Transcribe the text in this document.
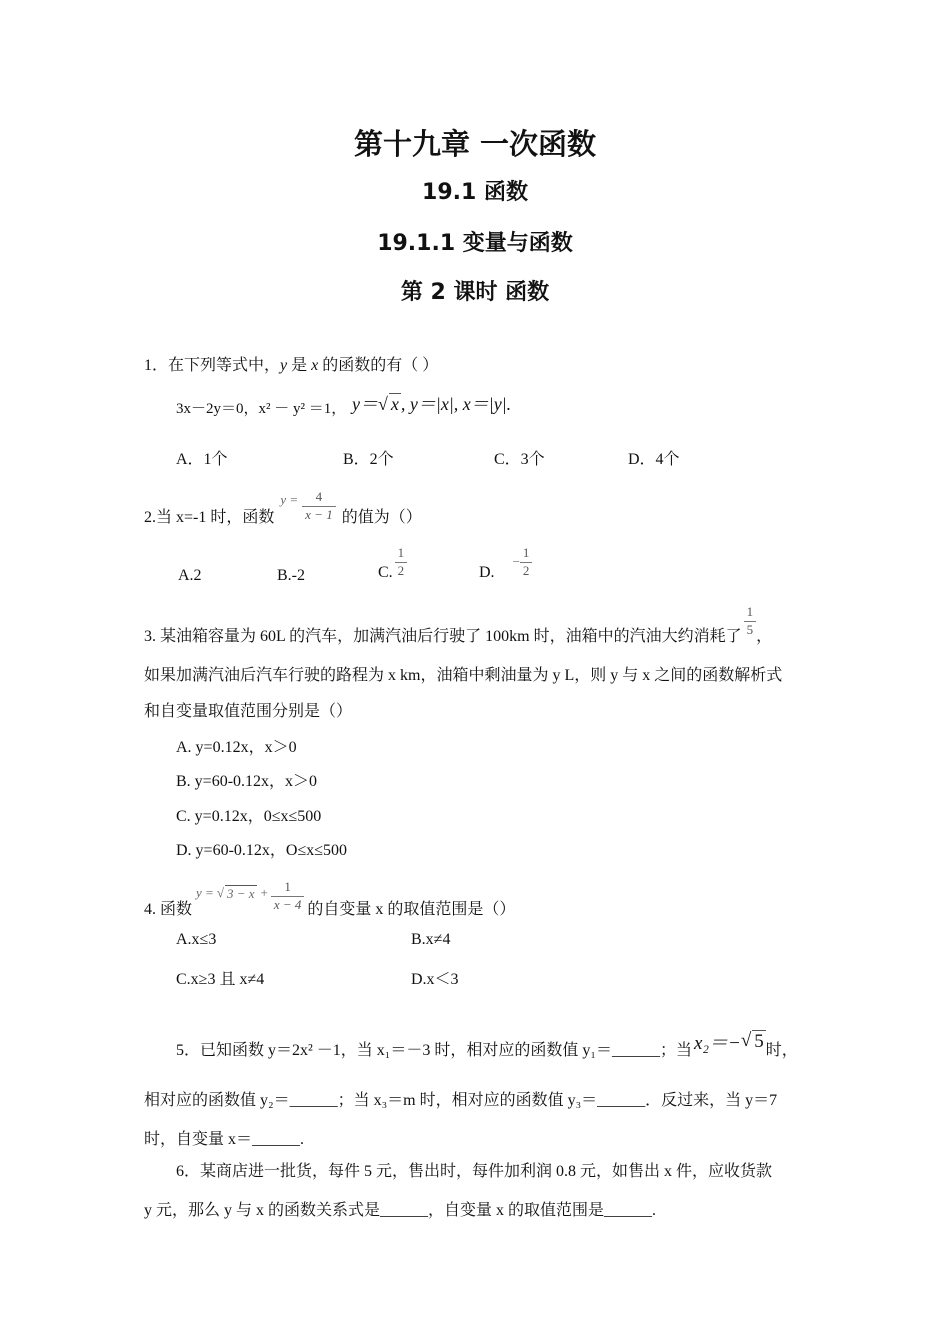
第十九章 一次函数
19.1 函数
19.1.1 变量与函数
第 2 课时 函数
1．在下列等式中，y 是 x 的函数的有（ ）
3x－2y＝0，x² － y² ＝1， y＝√ x , y＝|x|, x＝|y|.
A．1个	B．2个	C．3个	D．4个
2.当 x=-1 时，函数
$y = \frac{4}{x - 1}$ 的值为（）
A.2	B.-2	C. $\frac{1}{2}$	D.
− $\frac{1}{2}$
3. 某油箱容量为 60L 的汽车，加满汽油后行驶了 100km 时，油箱中的汽油大约消耗了 $\frac{1}{5}$ ，
如果加满汽油后汽车行驶的路程为 x km，油箱中剩油量为 y L，则 y 与 x 之间的函数解析式
和自变量取值范围分别是（）
A. y=0.12x，x＞0
B. y=60-0.12x，x＞0
C. y=0.12x，0≤x≤500
D. y=60-0.12x，O≤x≤500
4. 函数
y = √ $3 - x + \frac{1}{x - 4}$ 的自变量 x 的取值范围是（）
A.x≤3	B.x≠4
C.x≥3 且 x≠4	D.x＜3
5．已知函数 y＝2x² －1，当 x₁＝－3 时，相对应的函数值 y₁＝______；当 x₂＝− √ 5 时，
相对应的函数值 y₂＝______；当 x₃＝m 时，相对应的函数值 y₃＝______．反过来，当 y＝7
时，自变量 x＝______.
6．某商店进一批货，每件 5 元，售出时，每件加利润 0.8 元，如售出 x 件，应收货款
y 元，那么 y 与 x 的函数关系式是______，自变量 x 的取值范围是______.
